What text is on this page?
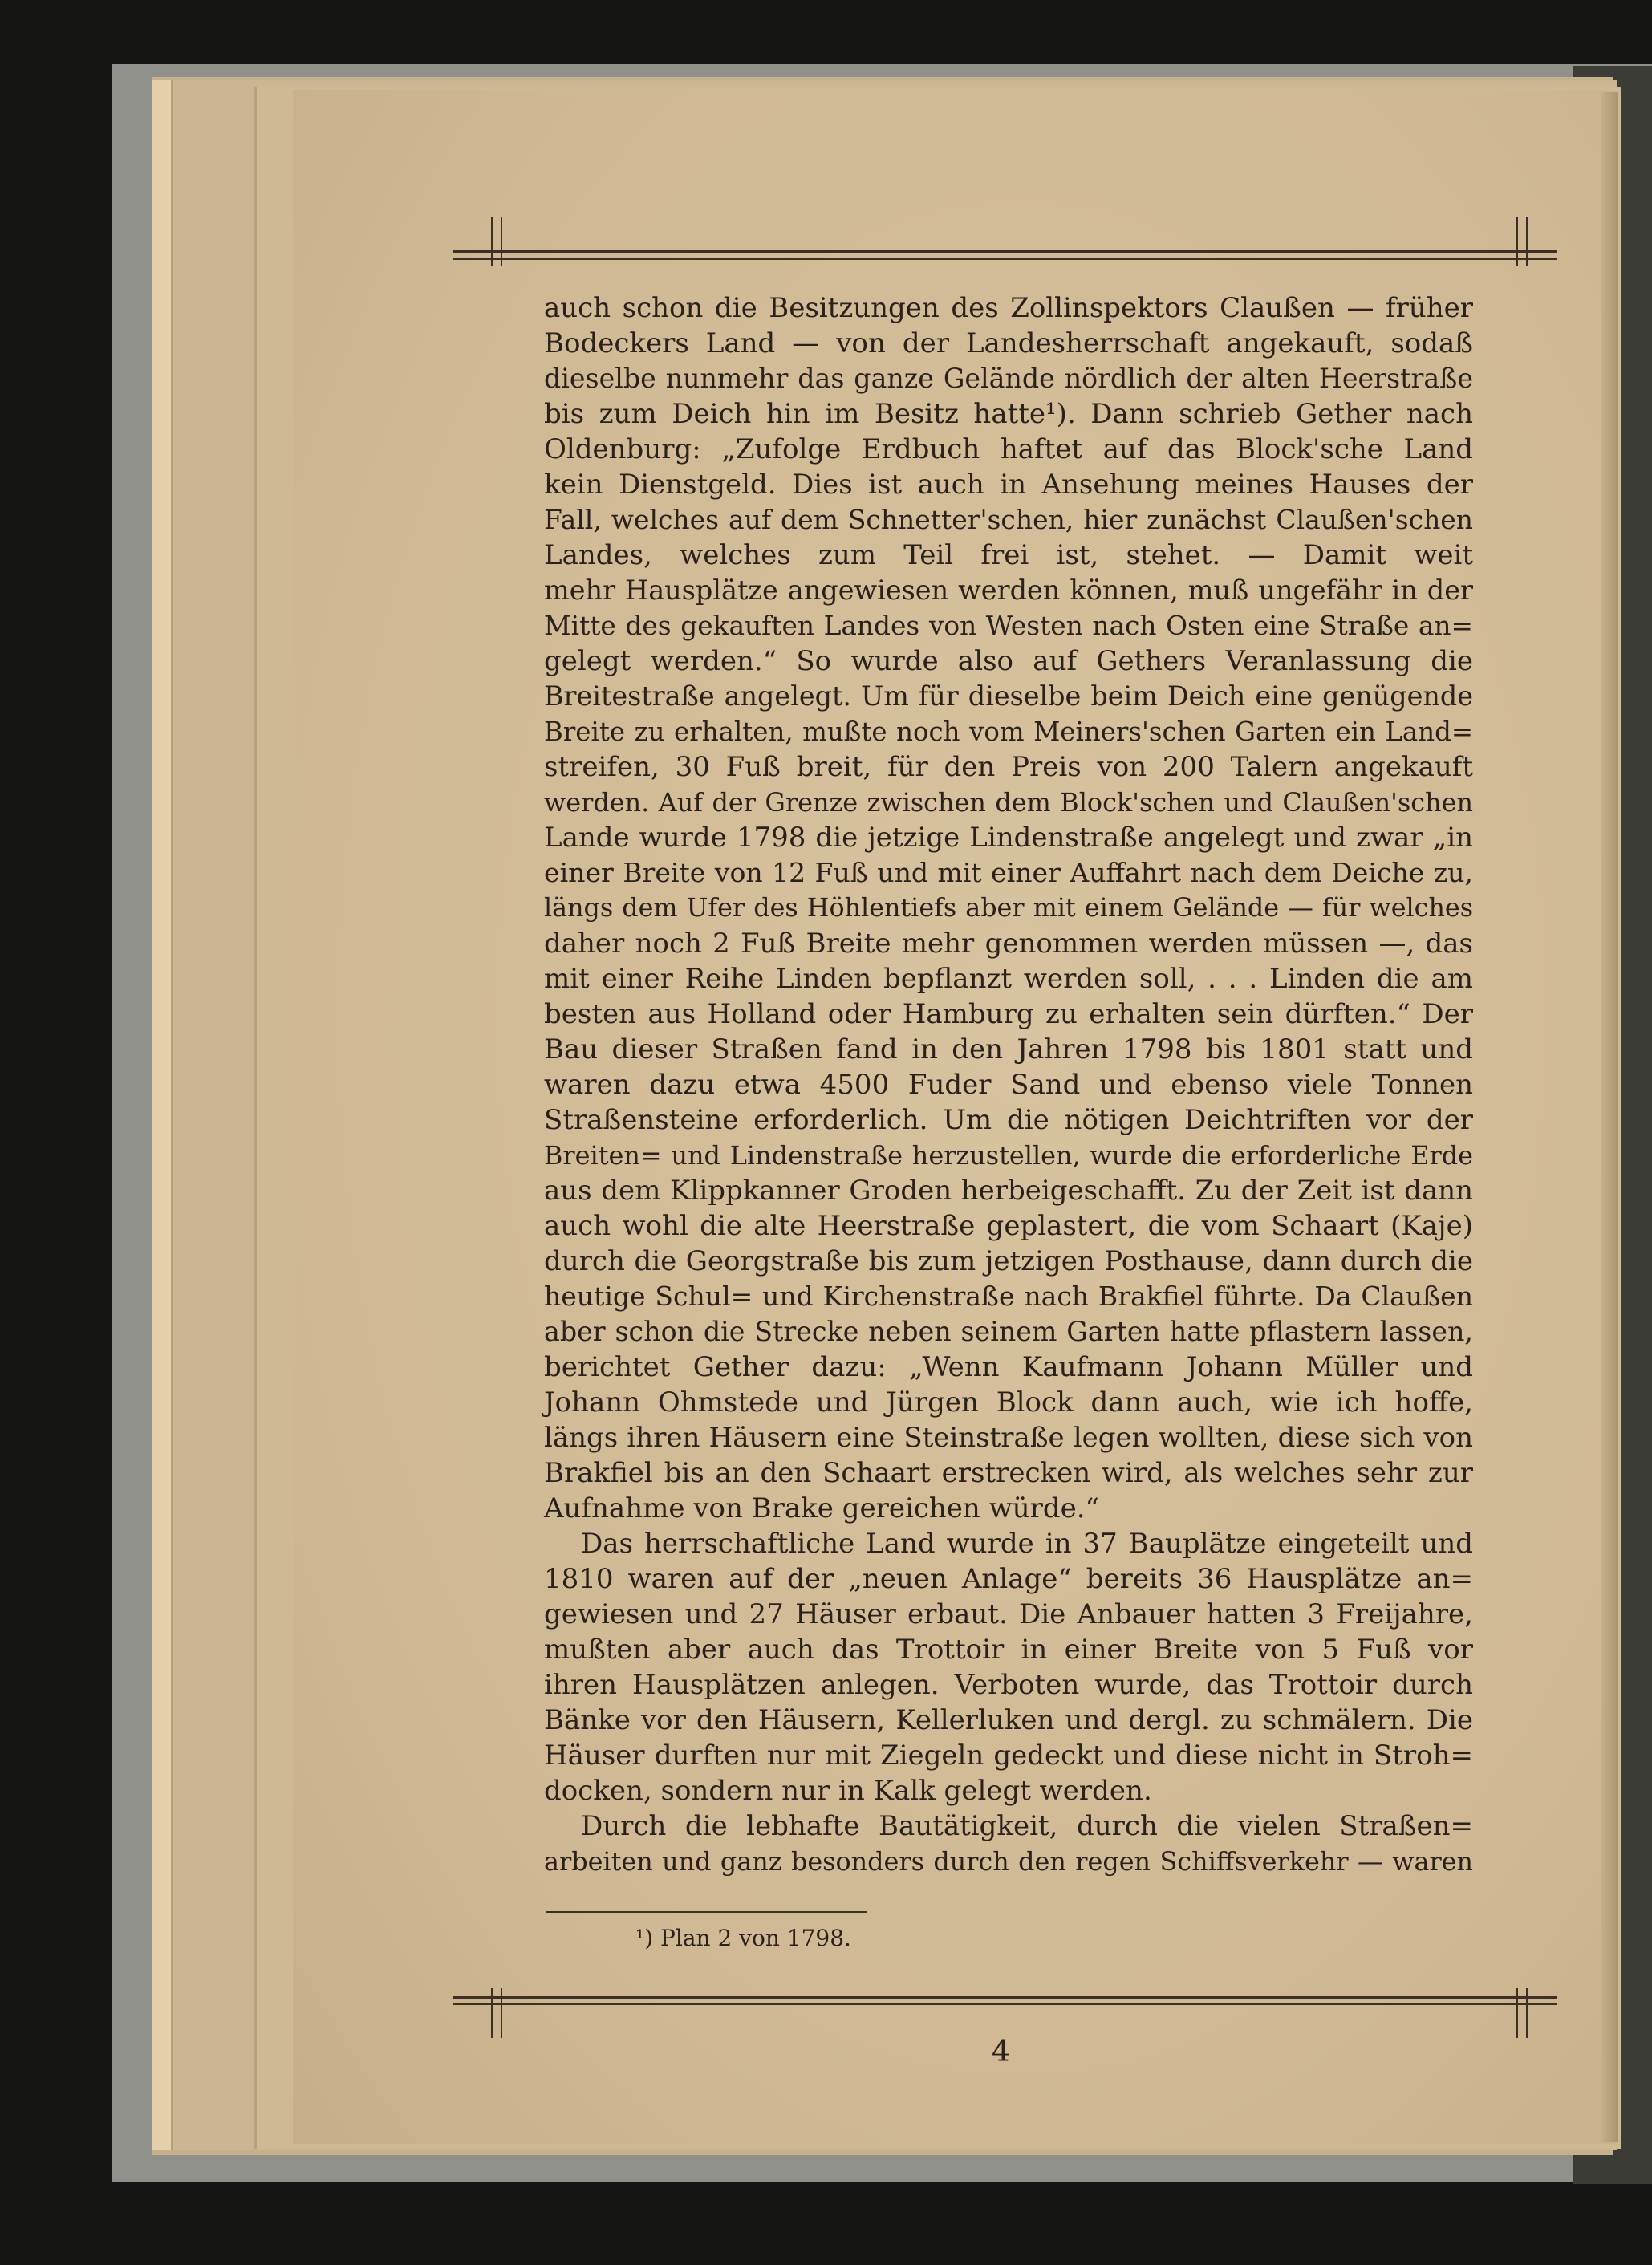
auch schon die Besitzungen des Zollinspektors Claußen — früher
Bodeckers Land — von der Landesherrschaft angekauft, sodaß
dieselbe nunmehr das ganze Gelände nördlich der alten Heerstraße
bis zum Deich hin im Besitz hatte¹). Dann schrieb Gether nach
Oldenburg: „Zufolge Erdbuch haftet auf das Block'sche Land
kein Dienstgeld. Dies ist auch in Ansehung meines Hauses der
Fall, welches auf dem Schnetter'schen, hier zunächst Claußen'schen
Landes, welches zum Teil frei ist, stehet. — Damit weit
mehr Hausplätze angewiesen werden können, muß ungefähr in der
Mitte des gekauften Landes von Westen nach Osten eine Straße an=
gelegt werden.“ So wurde also auf Gethers Veranlassung die
Breitestraße angelegt. Um für dieselbe beim Deich eine genügende
Breite zu erhalten, mußte noch vom Meiners'schen Garten ein Land=
streifen, 30 Fuß breit, für den Preis von 200 Talern angekauft
werden. Auf der Grenze zwischen dem Block'schen und Claußen'schen
Lande wurde 1798 die jetzige Lindenstraße angelegt und zwar „in
einer Breite von 12 Fuß und mit einer Auffahrt nach dem Deiche zu,
längs dem Ufer des Höhlentiefs aber mit einem Gelände — für welches
daher noch 2 Fuß Breite mehr genommen werden müssen —, das
mit einer Reihe Linden bepflanzt werden soll, . . . Linden die am
besten aus Holland oder Hamburg zu erhalten sein dürften.“ Der
Bau dieser Straßen fand in den Jahren 1798 bis 1801 statt und
waren dazu etwa 4500 Fuder Sand und ebenso viele Tonnen
Straßensteine erforderlich. Um die nötigen Deichtriften vor der
Breiten= und Lindenstraße herzustellen, wurde die erforderliche Erde
aus dem Klippkanner Groden herbeigeschafft. Zu der Zeit ist dann
auch wohl die alte Heerstraße geplastert, die vom Schaart (Kaje)
durch die Georgstraße bis zum jetzigen Posthause, dann durch die
heutige Schul= und Kirchenstraße nach Brakfiel führte. Da Claußen
aber schon die Strecke neben seinem Garten hatte pflastern lassen,
berichtet Gether dazu: „Wenn Kaufmann Johann Müller und
Johann Ohmstede und Jürgen Block dann auch, wie ich hoffe,
längs ihren Häusern eine Steinstraße legen wollten, diese sich von
Brakfiel bis an den Schaart erstrecken wird, als welches sehr zur
Aufnahme von Brake gereichen würde.“
Das herrschaftliche Land wurde in 37 Bauplätze eingeteilt und
1810 waren auf der „neuen Anlage“ bereits 36 Hausplätze an=
gewiesen und 27 Häuser erbaut. Die Anbauer hatten 3 Freijahre,
mußten aber auch das Trottoir in einer Breite von 5 Fuß vor
ihren Hausplätzen anlegen. Verboten wurde, das Trottoir durch
Bänke vor den Häusern, Kellerluken und dergl. zu schmälern. Die
Häuser durften nur mit Ziegeln gedeckt und diese nicht in Stroh=
docken, sondern nur in Kalk gelegt werden.
Durch die lebhafte Bautätigkeit, durch die vielen Straßen=
arbeiten und ganz besonders durch den regen Schiffsverkehr — waren
¹) Plan 2 von 1798.
4
